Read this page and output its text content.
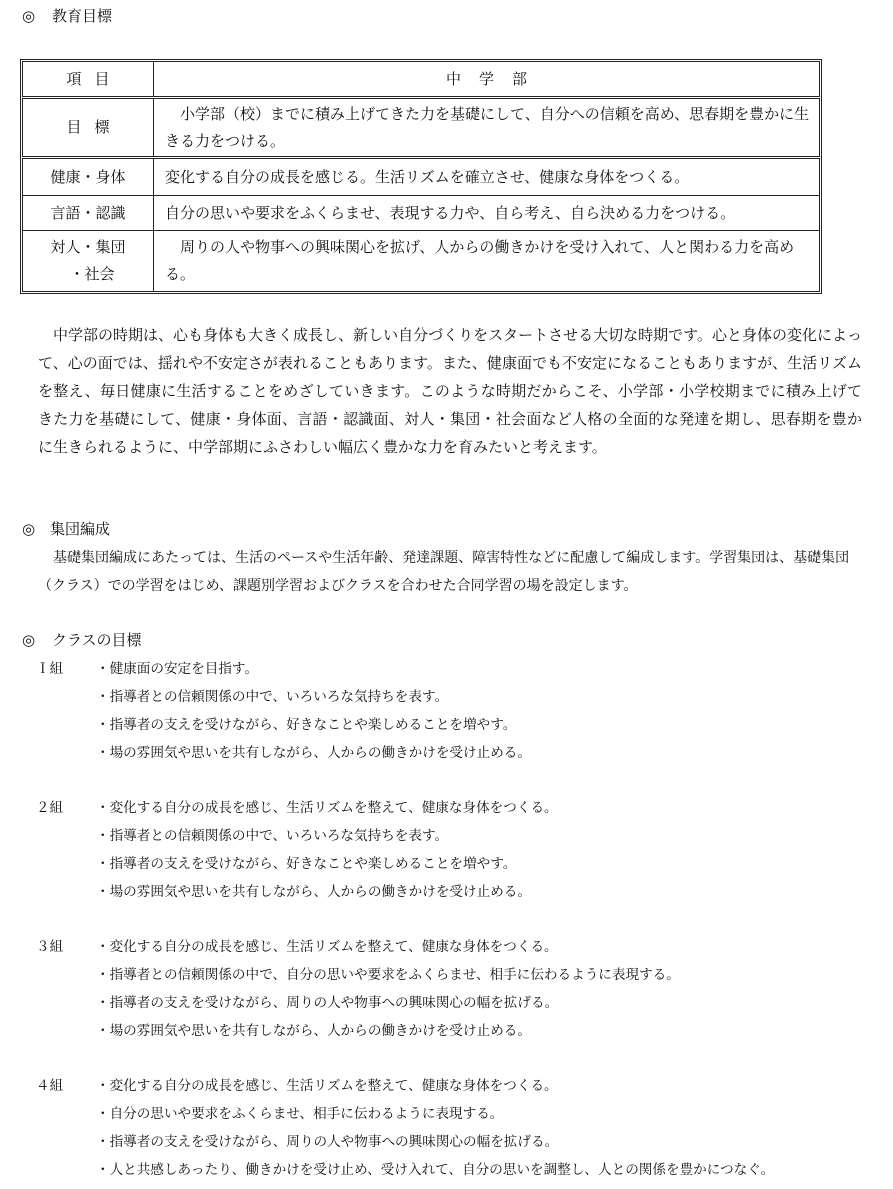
◎ 教育目標
項目	中学部
目標	　小学部（校）までに積み上げてきた力を基礎にして、自分への信頼を高め、思春期を豊かに生きる力をつける。
健康・身体	変化する自分の成長を感じる。生活リズムを確立させ、健康な身体をつくる。
言語・認識	自分の思いや要求をふくらませ、表現する力や、自ら考え、自ら決める力をつける。

対人・集団
・社会	　周りの人や物事への興味関心を拡げ、人からの働きかけを受け入れて、人と関わる力を高める。

中学部の時期は、心も身体も大きく成長し、新しい自分づくりをスタートさせる大切な時期です。心と身体の変化によって、心の面では、揺れや不安定さが表れることもあります。また、健康面でも不安定になることもありますが、生活リズムを整え、毎日健康に生活することをめざしていきます。このような時期だからこそ、小学部・小学校期までに積み上げてきた力を基礎にして、健康・身体面、言語・認識面、対人・集団・社会面など人格の全面的な発達を期し、思春期を豊かに生きられるように、中学部期にふさわしい幅広く豊かな力を育みたいと考えます。

◎ 集団編成

基礎集団編成にあたっては、生活のペースや生活年齢、発達課題、障害特性などに配慮して編成します。学習集団は、基礎集団（クラス）での学習をはじめ、課題別学習およびクラスを合わせた合同学習の場を設定します。

◎ クラスの目標
Ｉ組 ・健康面の安定を目指す。
・指導者との信頼関係の中で、いろいろな気持ちを表す。
・指導者の支えを受けながら、好きなことや楽しめることを増やす。
・場の雰囲気や思いを共有しながら、人からの働きかけを受け止める。
２組 ・変化する自分の成長を感じ、生活リズムを整えて、健康な身体をつくる。
・指導者との信頼関係の中で、いろいろな気持ちを表す。
・指導者の支えを受けながら、好きなことや楽しめることを増やす。
・場の雰囲気や思いを共有しながら、人からの働きかけを受け止める。
３組 ・変化する自分の成長を感じ、生活リズムを整えて、健康な身体をつくる。
・指導者との信頼関係の中で、自分の思いや要求をふくらませ、相手に伝わるように表現する。
・指導者の支えを受けながら、周りの人や物事への興味関心の幅を拡げる。
・場の雰囲気や思いを共有しながら、人からの働きかけを受け止める。
４組 ・変化する自分の成長を感じ、生活リズムを整えて、健康な身体をつくる。
・自分の思いや要求をふくらませ、相手に伝わるように表現する。
・指導者の支えを受けながら、周りの人や物事への興味関心の幅を拡げる。
・人と共感しあったり、働きかけを受け止め、受け入れて、自分の思いを調整し、人との関係を豊かにつなぐ。
